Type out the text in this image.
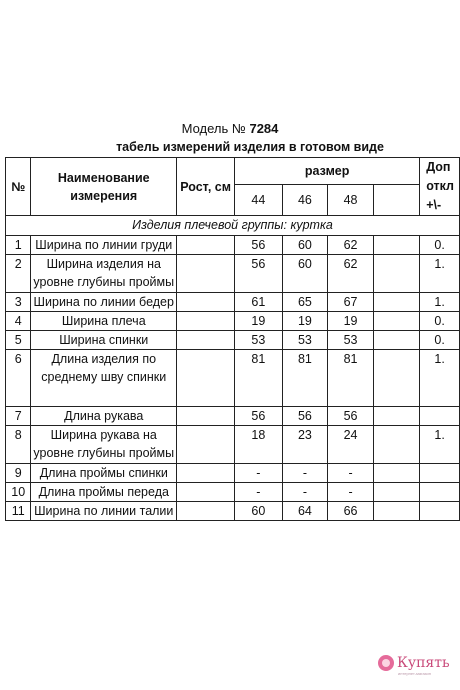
Модель № 7284
табель измерений изделия в готовом виде
№	Наименование измерения	Рост, см	размер				Доп откл +\-

			44	46	48		
Изделия плечевой группы: куртка							
1	Ширина по линии груди		56	60	62		0.
2	Ширина изделия на уровне глубины проймы		56	60	62		1.
3	Ширина по линии бедер		61	65	67		1.
4	Ширина плеча		19	19	19		0.
5	Ширина спинки		53	53	53		0.
6	Длина изделия по среднему шву спинки		81	81	81		1.
7	Длина рукава		56	56	56		
8	Ширина рукава на уровне глубины проймы		18	23	24		1.
9	Длина проймы спинки		-	-	-		
10	Длина проймы переда		-	-	-		
11	Ширина по линии талии		60	64	66		
Купять
интернет-магазин
